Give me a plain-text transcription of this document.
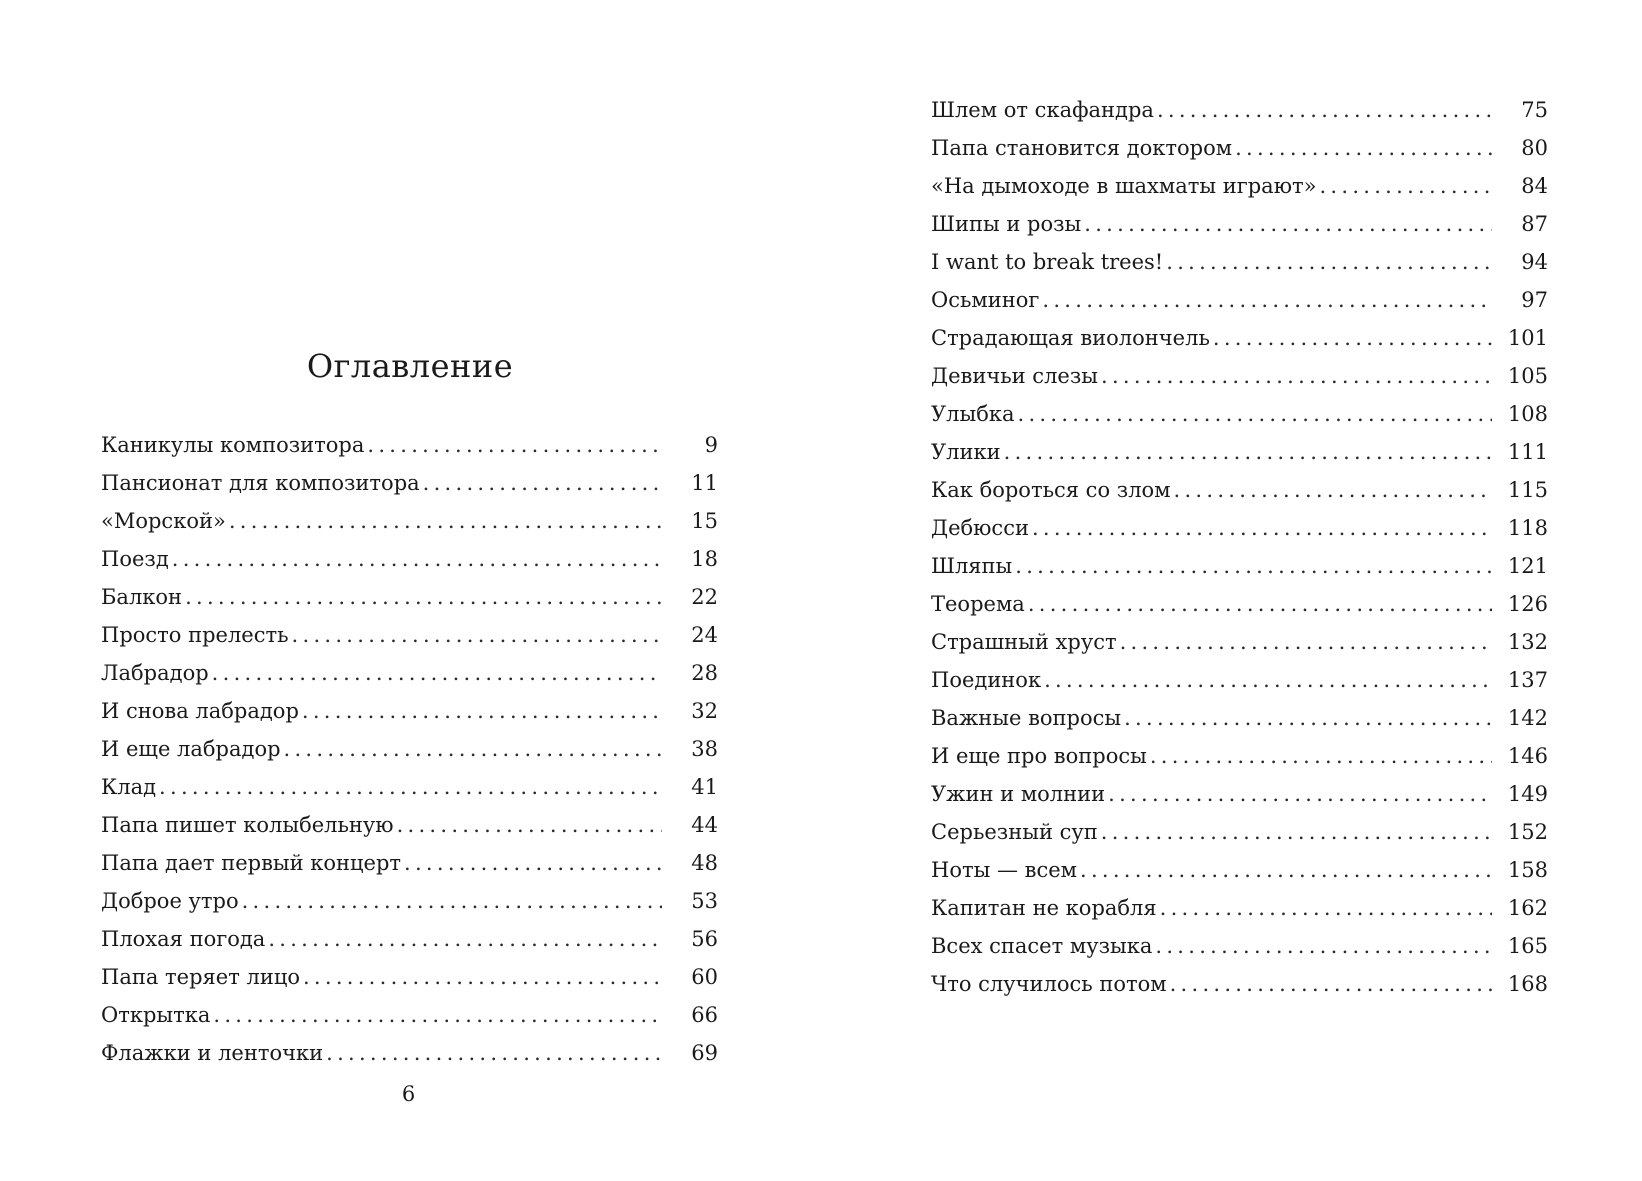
Оглавление
Каникулы композитора . . .	9
Пансионат для композитора . . .	11
«Морской» . . .	15
Поезд . . .	18
Балкон . . .	22
Просто прелесть . . .	24
Лабрадор . . .	28
И снова лабрадор . . .	32
И еще лабрадор . . .	38
Клад . . .	41
Папа пишет колыбельную . . .	44
Папа дает первый концерт . . .	48
Доброе утро . . .	53
Плохая погода . . .	56
Папа теряет лицо . . .	60
Открытка . . .	66
Флажки и ленточки . . .	69

6

Шлем от скафандра . . .	75
Папа становится доктором . . .	80
«На дымоходе в шахматы играют» . . .	84
Шипы и розы . . .	87
I want to break trees! . . .	94
Осьминог . . .	97
Страдающая виолончель . . .	101
Девичьи слезы . . .	105
Улыбка . . .	108
Улики . . .	111
Как бороться со злом . . .	115
Дебюсси . . .	118
Шляпы . . .	121
Теорема . . .	126
Страшный хруст . . .	132
Поединок . . .	137
Важные вопросы . . .	142
И еще про вопросы . . .	146
Ужин и молнии . . .	149
Серьезный суп . . .	152
Ноты — всем . . .	158
Капитан не корабля . . .	162
Всех спасет музыка . . .	165
Что случилось потом . . .	168
